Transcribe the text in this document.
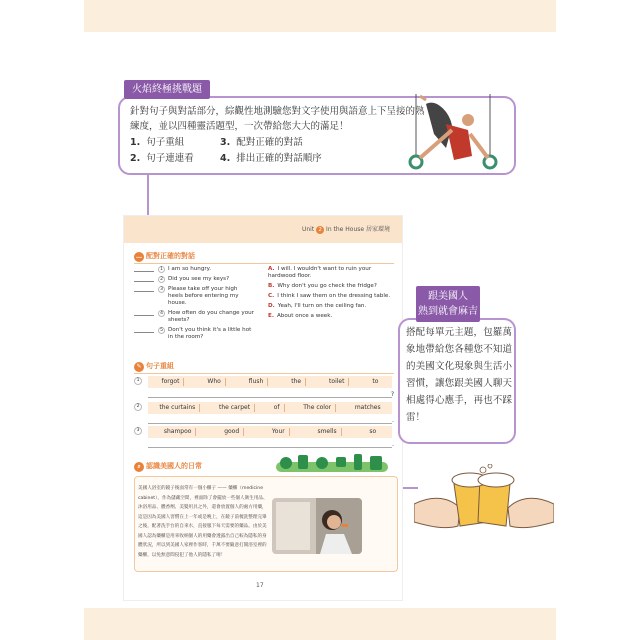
火焰終極挑戰題
針對句子與對話部分，綜觀性地測驗您對文字使用與語意上下呈接的熟練度，並以四種靈活題型，一次帶給您大大的滿足！
1. 句子重組	3. 配對正確的對話
2. 句子連連看	4. 排出正確的對話順序
Unit 2 In the House 居家環境
… 配對正確的對話
1 I am so hungry.
2 Did you see my keys?
3 Please take off your high heels before entering my house.
4 How often do you change your sheets?
5 Don't you think it's a little hot in the room?
A. I will. I wouldn't want to ruin your hardwood floor.
B. Why don't you go check the fridge?
C. I think I saw them on the dressing table.
D. Yeah, I'll turn on the ceiling fan.
E. About once a week.
✎ 句子重組
1	forgot	Who	flush	the	toilet	to
?
2	the curtains	the carpet	of	The color	matches
.
3	shampoo	good	Your	smells	so
.
⌕ 認識美國人的日常
美國人浴室的鏡子後面常有一個小櫃子 —— 藥櫃（medicine cabinet），作為儲藏空間，裡面除了會擺放一些個人衛生用品、沐浴用品、體香劑、美髮用具之外，還會放置個人的處方用藥，這是因為美國人習慣在上一年或是晚上，在鏡子前梳洗整理完畢之後，配著洗手台的自來水，直接服下每天需要的藥品。由於美國人認為藥櫃是用來收納個人的用藥會透露出自己較為隱私的身體狀況，所以到美國人家裡作客時，千萬不要隨意打開浴室裡的藥櫃，以免無意間侵犯了他人的隱私了唷！
17
跟美國人
熟到就會麻吉
搭配每單元主題，包羅萬象地帶給您各種您不知道的美國文化現象與生活小習慣，讓您跟美國人聊天相處得心應手，再也不踩雷！
